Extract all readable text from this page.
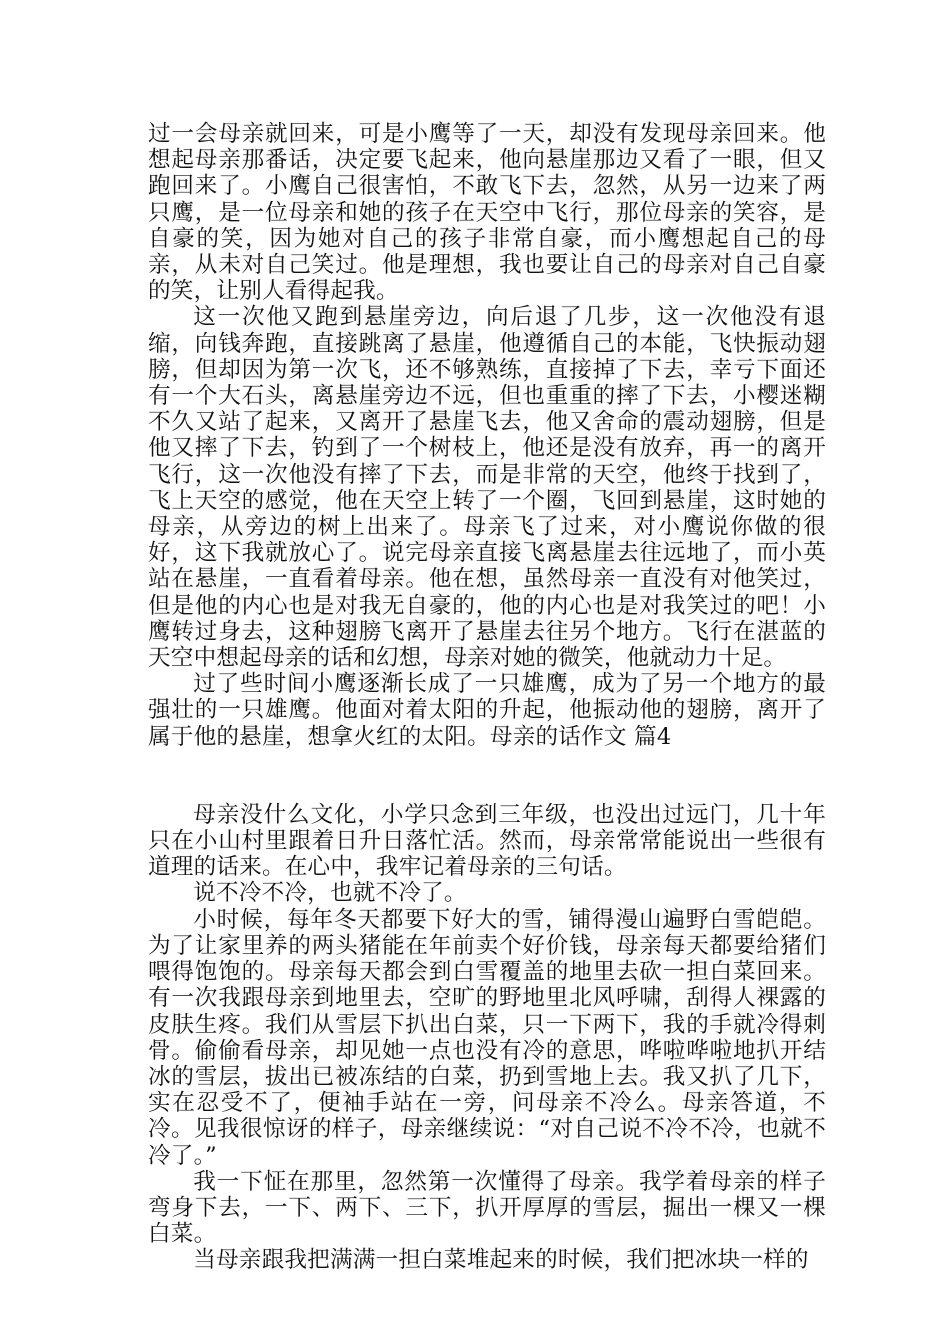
过一会母亲就回来，可是小鹰等了一天，却没有发现母亲回来。他想起母亲那番话，决定要飞起来，他向悬崖那边又看了一眼，但又跑回来了。小鹰自己很害怕，不敢飞下去，忽然，从另一边来了两只鹰，是一位母亲和她的孩子在天空中飞行，那位母亲的笑容，是自豪的笑，因为她对自己的孩子非常自豪，而小鹰想起自己的母亲，从未对自己笑过。他是理想，我也要让自己的母亲对自己自豪的笑，让别人看得起我。

这一次他又跑到悬崖旁边，向后退了几步，这一次他没有退缩，向钱奔跑，直接跳离了悬崖，他遵循自己的本能，飞快振动翅膀，但却因为第一次飞，还不够熟练，直接掉了下去，幸亏下面还有一个大石头，离悬崖旁边不远，但也重重的摔了下去，小樱迷糊不久又站了起来，又离开了悬崖飞去，他又舍命的震动翅膀，但是他又摔了下去，钓到了一个树枝上，他还是没有放弃，再一的离开飞行，这一次他没有摔了下去，而是非常的天空，他终于找到了，飞上天空的感觉，他在天空上转了一个圈，飞回到悬崖，这时她的母亲，从旁边的树上出来了。母亲飞了过来，对小鹰说你做的很好，这下我就放心了。说完母亲直接飞离悬崖去往远地了，而小英站在悬崖，一直看着母亲。他在想，虽然母亲一直没有对他笑过，但是他的内心也是对我无自豪的，他的内心也是对我笑过的吧！小鹰转过身去，这种翅膀飞离开了悬崖去往另个地方。飞行在湛蓝的天空中想起母亲的话和幻想，母亲对她的微笑，他就动力十足。

过了些时间小鹰逐渐长成了一只雄鹰，成为了另一个地方的最强壮的一只雄鹰。他面对着太阳的升起，他振动他的翅膀，离开了属于他的悬崖，想拿火红的太阳。母亲的话作文 篇4

母亲没什么文化，小学只念到三年级，也没出过远门，几十年只在小山村里跟着日升日落忙活。然而，母亲常常能说出一些很有道理的话来。在心中，我牢记着母亲的三句话。

说不冷不冷，也就不冷了。

小时候，每年冬天都要下好大的雪，铺得漫山遍野白雪皑皑。为了让家里养的两头猪能在年前卖个好价钱，母亲每天都要给猪们喂得饱饱的。母亲每天都会到白雪覆盖的地里去砍一担白菜回来。有一次我跟母亲到地里去，空旷的野地里北风呼啸，刮得人裸露的皮肤生疼。我们从雪层下扒出白菜，只一下两下，我的手就冷得刺骨。偷偷看母亲，却见她一点也没有冷的意思，哗啦哗啦地扒开结冰的雪层，拔出已被冻结的白菜，扔到雪地上去。我又扒了几下，实在忍受不了，便袖手站在一旁，问母亲不冷么。母亲答道，不冷。见我很惊讶的样子，母亲继续说：“对自己说不冷不冷，也就不冷了。”

我一下怔在那里，忽然第一次懂得了母亲。我学着母亲的样子弯身下去，一下、两下、三下，扒开厚厚的雪层，掘出一棵又一棵白菜。

当母亲跟我把满满一担白菜堆起来的时候，我们把冰块一样的
